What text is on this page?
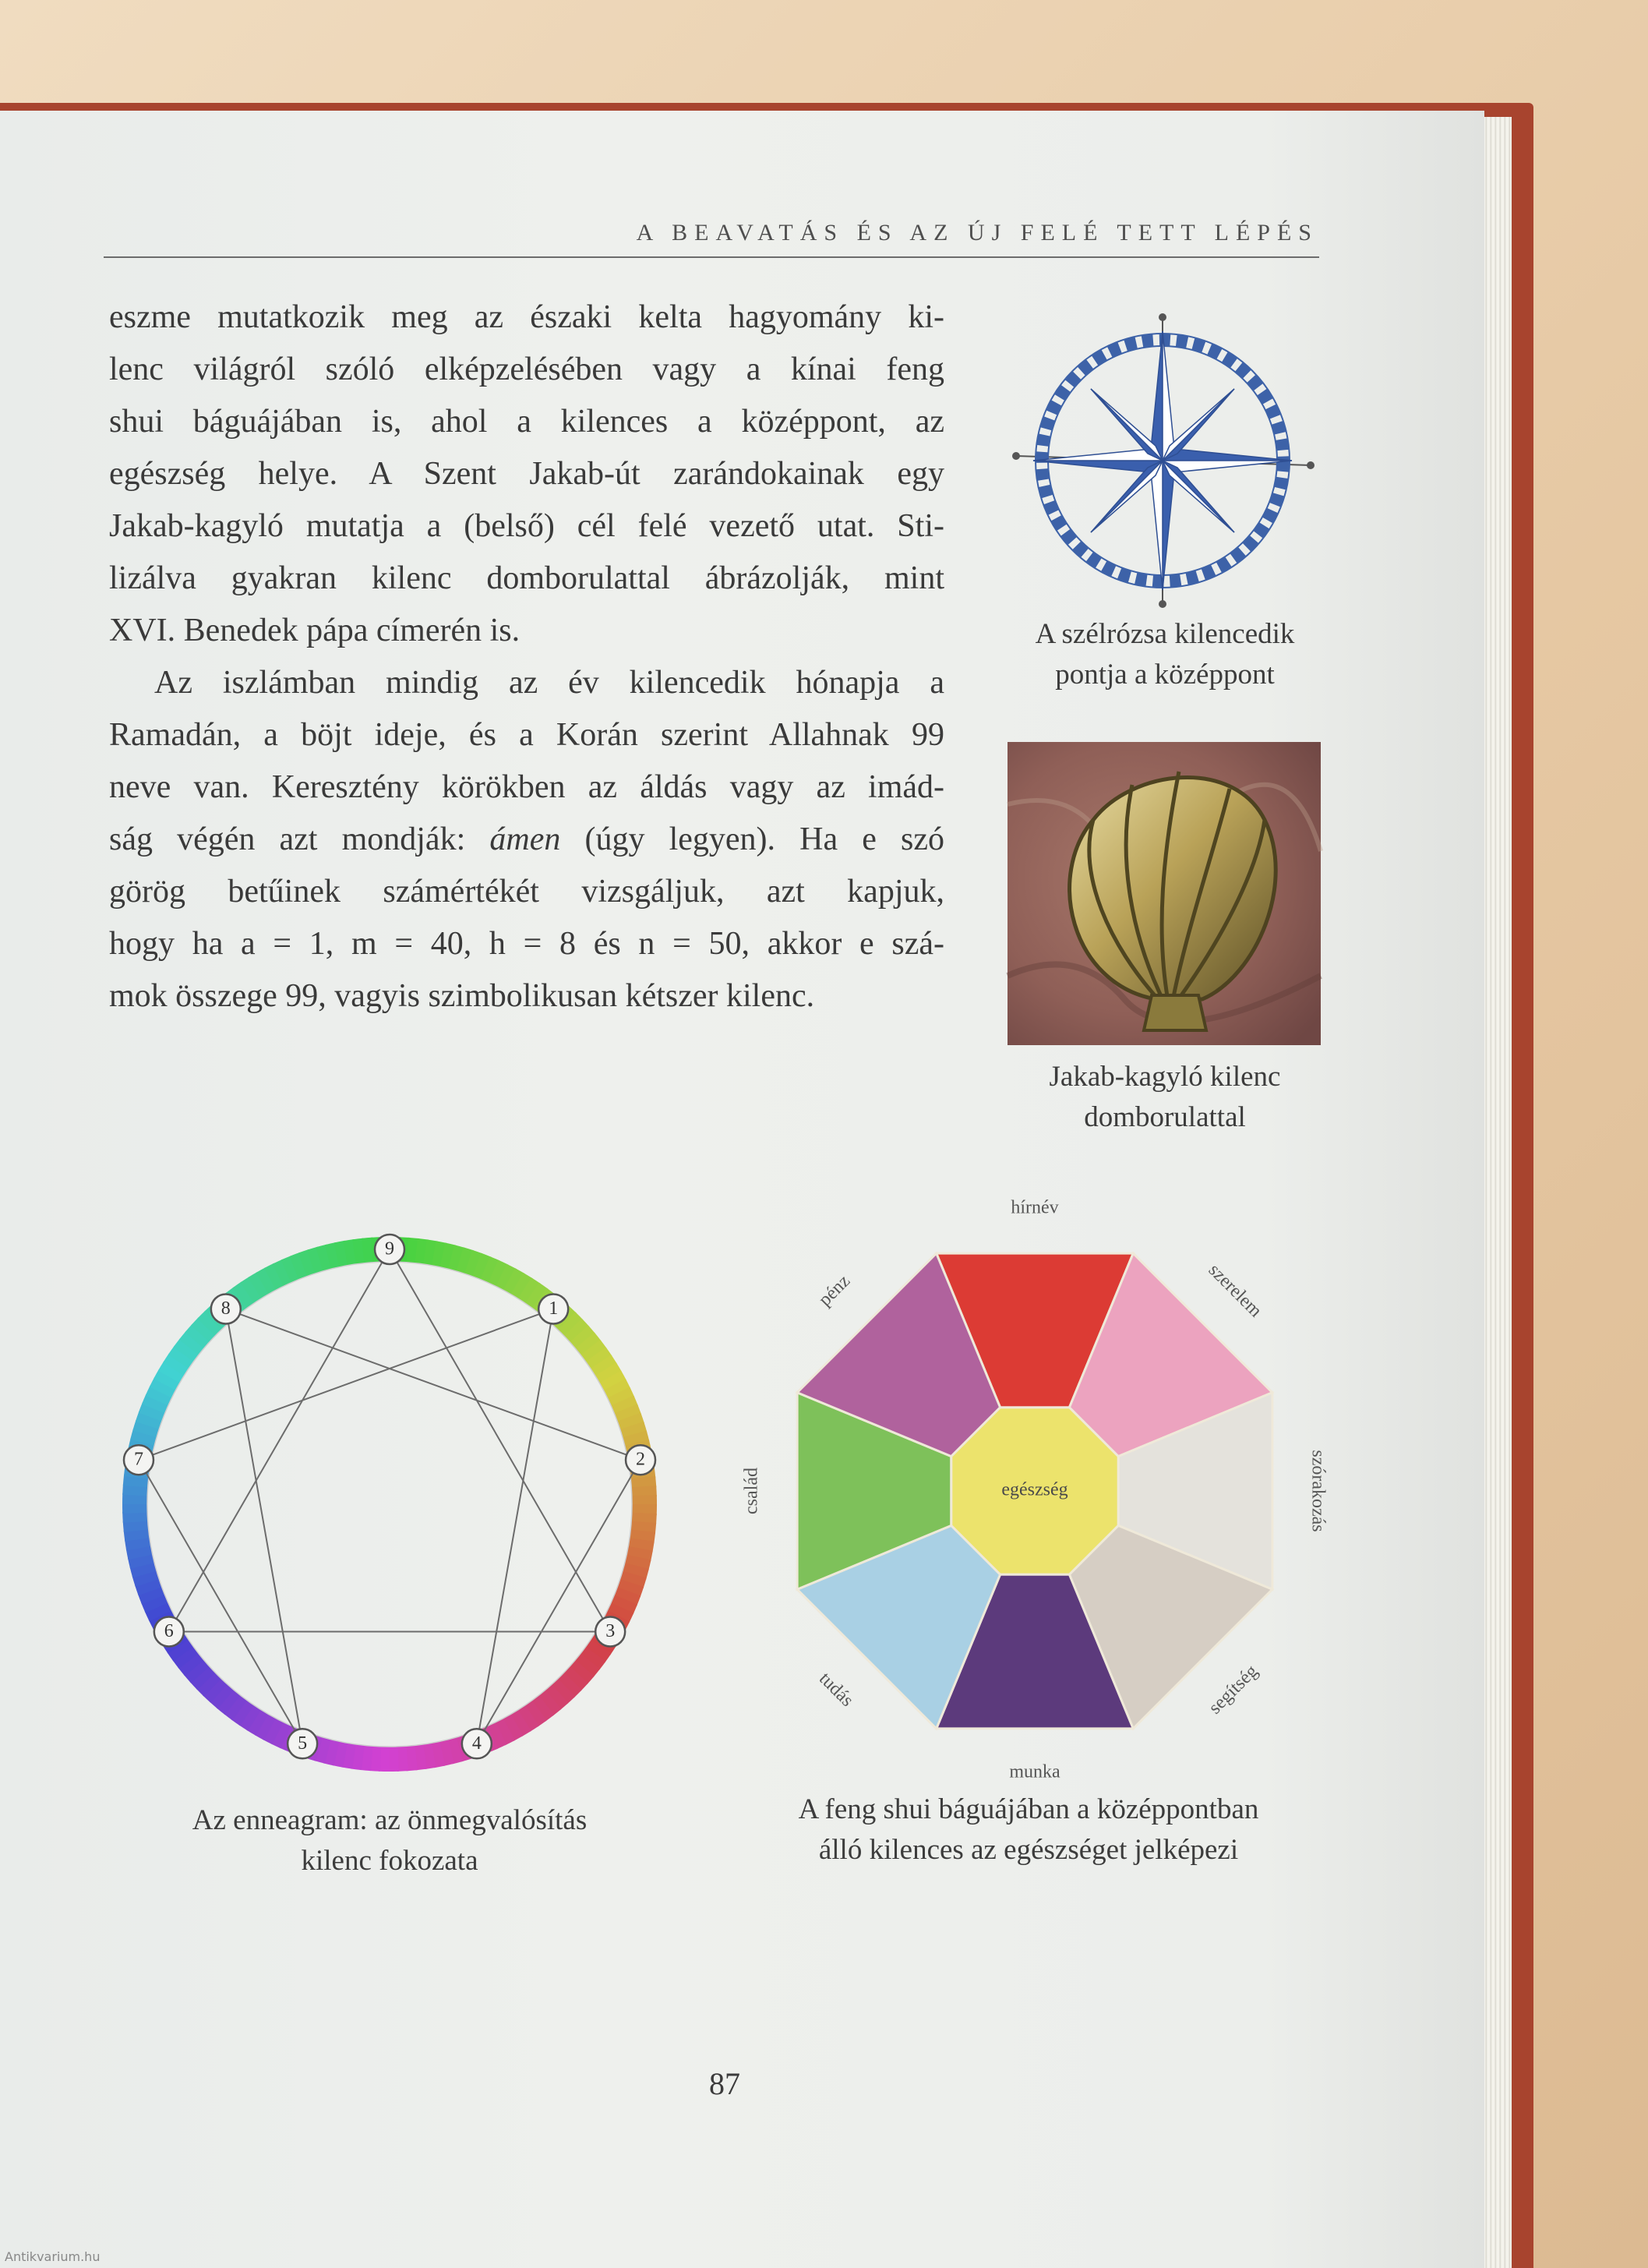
A BEAVATÁS ÉS AZ ÚJ FELÉ TETT LÉPÉS
eszme mutatkozik meg az északi kelta hagyomány ki-
lenc világról szóló elképzelésében vagy a kínai feng
shui báguájában is, ahol a kilences a középpont, az
egészség helye. A Szent Jakab-út zarándokainak egy
Jakab-kagyló mutatja a (belső) cél felé vezető utat. Sti-
lizálva gyakran kilenc domborulattal ábrázolják, mint
XVI. Benedek pápa címerén is.
Az iszlámban mindig az év kilencedik hónapja a
Ramadán, a böjt ideje, és a Korán szerint Allahnak 99
neve van. Keresztény körökben az áldás vagy az imád-
ság végén azt mondják: ámen (úgy legyen). Ha e szó
görög betűinek számértékét vizsgáljuk, azt kapjuk,
hogy ha a = 1, m = 40, h = 8 és n = 50, akkor e szá-
mok összege 99, vagyis szimbolikusan kétszer kilenc.
A szélrózsa kilencedik
pontja a középpont
Jakab-kagyló kilenc
domborulattal
9
1
2
3
4
5
6
7
8
Az enneagram: az önmegvalósítás
kilenc fokozata
egészség
hírnév
szerelem
szórakozás
segítség
munka
tudás
család
pénz
A feng shui báguájában a középpontban
álló kilences az egészséget jelképezi
87
Antikvarium.hu
